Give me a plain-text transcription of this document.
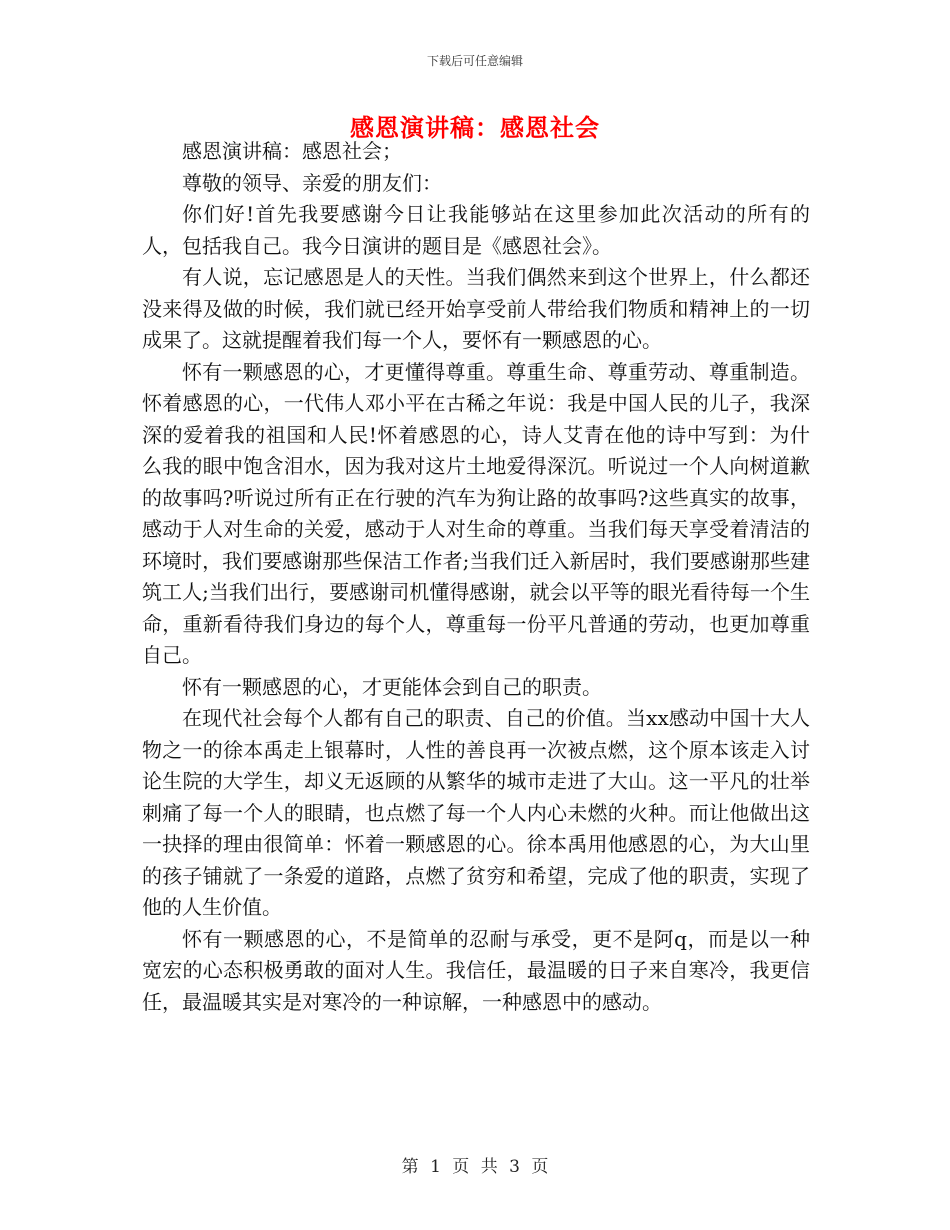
下载后可任意编辑
感恩演讲稿：感恩社会

感恩演讲稿：感恩社会；

尊敬的领导、亲爱的朋友们：

你们好!首先我要感谢今日让我能够站在这里参加此次活动的所有的人，包括我自己。我今日演讲的题目是《感恩社会》。

有人说，忘记感恩是人的天性。当我们偶然来到这个世界上，什么都还没来得及做的时候，我们就已经开始享受前人带给我们物质和精神上的一切成果了。这就提醒着我们每一个人，要怀有一颗感恩的心。

怀有一颗感恩的心，才更懂得尊重。尊重生命、尊重劳动、尊重制造。怀着感恩的心，一代伟人邓小平在古稀之年说：我是中国人民的儿子，我深深的爱着我的祖国和人民!怀着感恩的心，诗人艾青在他的诗中写到：为什么我的眼中饱含泪水，因为我对这片土地爱得深沉。听说过一个人向树道歉的故事吗?听说过所有正在行驶的汽车为狗让路的故事吗?这些真实的故事，感动于人对生命的关爱，感动于人对生命的尊重。当我们每天享受着清洁的环境时，我们要感谢那些保洁工作者;当我们迁入新居时，我们要感谢那些建筑工人;当我们出行，要感谢司机懂得感谢，就会以平等的眼光看待每一个生命，重新看待我们身边的每个人，尊重每一份平凡普通的劳动，也更加尊重自己。

怀有一颗感恩的心，才更能体会到自己的职责。

在现代社会每个人都有自己的职责、自己的价值。当xx感动中国十大人物之一的徐本禹走上银幕时，人性的善良再一次被点燃，这个原本该走入讨论生院的大学生，却义无返顾的从繁华的城市走进了大山。这一平凡的壮举刺痛了每一个人的眼睛，也点燃了每一个人内心未燃的火种。而让他做出这一抉择的理由很简单：怀着一颗感恩的心。徐本禹用他感恩的心，为大山里的孩子铺就了一条爱的道路，点燃了贫穷和希望，完成了他的职责，实现了他的人生价值。

怀有一颗感恩的心，不是简单的忍耐与承受，更不是阿q，而是以一种宽宏的心态积极勇敢的面对人生。我信任，最温暖的日子来自寒冷，我更信任，最温暖其实是对寒冷的一种谅解，一种感恩中的感动。

第 1 页 共 3 页
